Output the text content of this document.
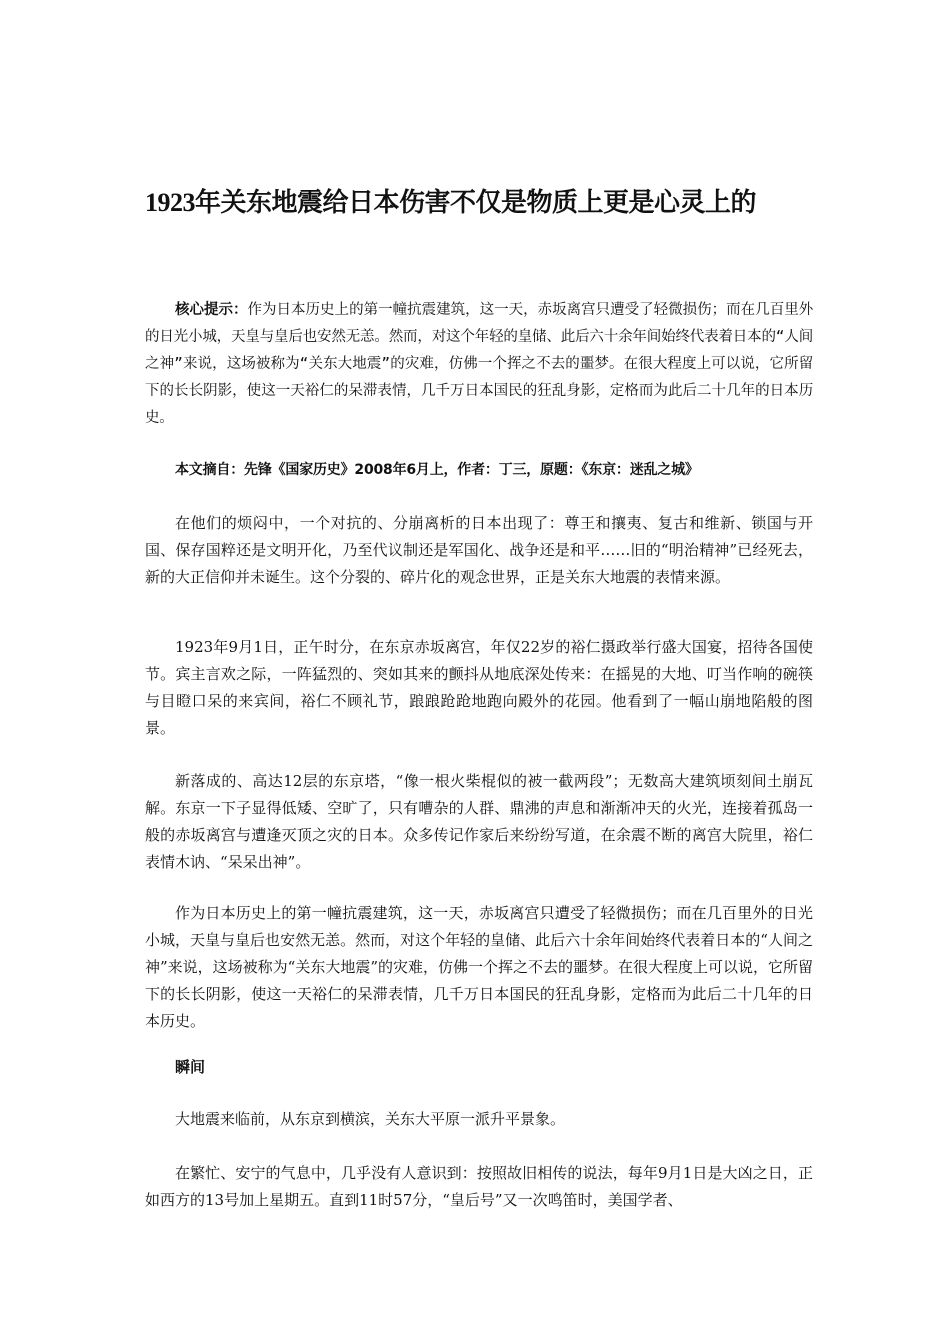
1923年关东地震给日本伤害不仅是物质上更是心灵上的

核心提示：作为日本历史上的第一幢抗震建筑，这一天，赤坂离宫只遭受了轻微损伤；而在几百里外的日光小城，天皇与皇后也安然无恙。然而，对这个年轻的皇储、此后六十余年间始终代表着日本的“人间之神”来说，这场被称为“关东大地震”的灾难，仿佛一个挥之不去的噩梦。在很大程度上可以说，它所留下的长长阴影，使这一天裕仁的呆滞表情，几千万日本国民的狂乱身影，定格而为此后二十几年的日本历史。

本文摘自：先锋《国家历史》2008年6月上，作者：丁三，原题：《东京：迷乱之城》

在他们的烦闷中，一个对抗的、分崩离析的日本出现了：尊王和攘夷、复古和维新、锁国与开国、保存国粹还是文明开化，乃至代议制还是军国化、战争还是和平……旧的“明治精神”已经死去，新的大正信仰并未诞生。这个分裂的、碎片化的观念世界，正是关东大地震的表情来源。

1923年9月1日，正午时分，在东京赤坂离宫，年仅22岁的裕仁摄政举行盛大国宴，招待各国使节。宾主言欢之际，一阵猛烈的、突如其来的颤抖从地底深处传来：在摇晃的大地、叮当作响的碗筷与目瞪口呆的来宾间，裕仁不顾礼节，踉踉跄跄地跑向殿外的花园。他看到了一幅山崩地陷般的图景。

新落成的、高达12层的东京塔，“像一根火柴棍似的被一截两段”；无数高大建筑顷刻间土崩瓦解。东京一下子显得低矮、空旷了，只有嘈杂的人群、鼎沸的声息和渐渐冲天的火光，连接着孤岛一般的赤坂离宫与遭逢灭顶之灾的日本。众多传记作家后来纷纷写道，在余震不断的离宫大院里，裕仁表情木讷、“呆呆出神”。

作为日本历史上的第一幢抗震建筑，这一天，赤坂离宫只遭受了轻微损伤；而在几百里外的日光小城，天皇与皇后也安然无恙。然而，对这个年轻的皇储、此后六十余年间始终代表着日本的“人间之神”来说，这场被称为“关东大地震”的灾难，仿佛一个挥之不去的噩梦。在很大程度上可以说，它所留下的长长阴影，使这一天裕仁的呆滞表情，几千万日本国民的狂乱身影，定格而为此后二十几年的日本历史。

瞬间

大地震来临前，从东京到横滨，关东大平原一派升平景象。

在繁忙、安宁的气息中，几乎没有人意识到：按照故旧相传的说法，每年9月1日是大凶之日，正如西方的13号加上星期五。直到11时57分，“皇后号”又一次鸣笛时，美国学者、
